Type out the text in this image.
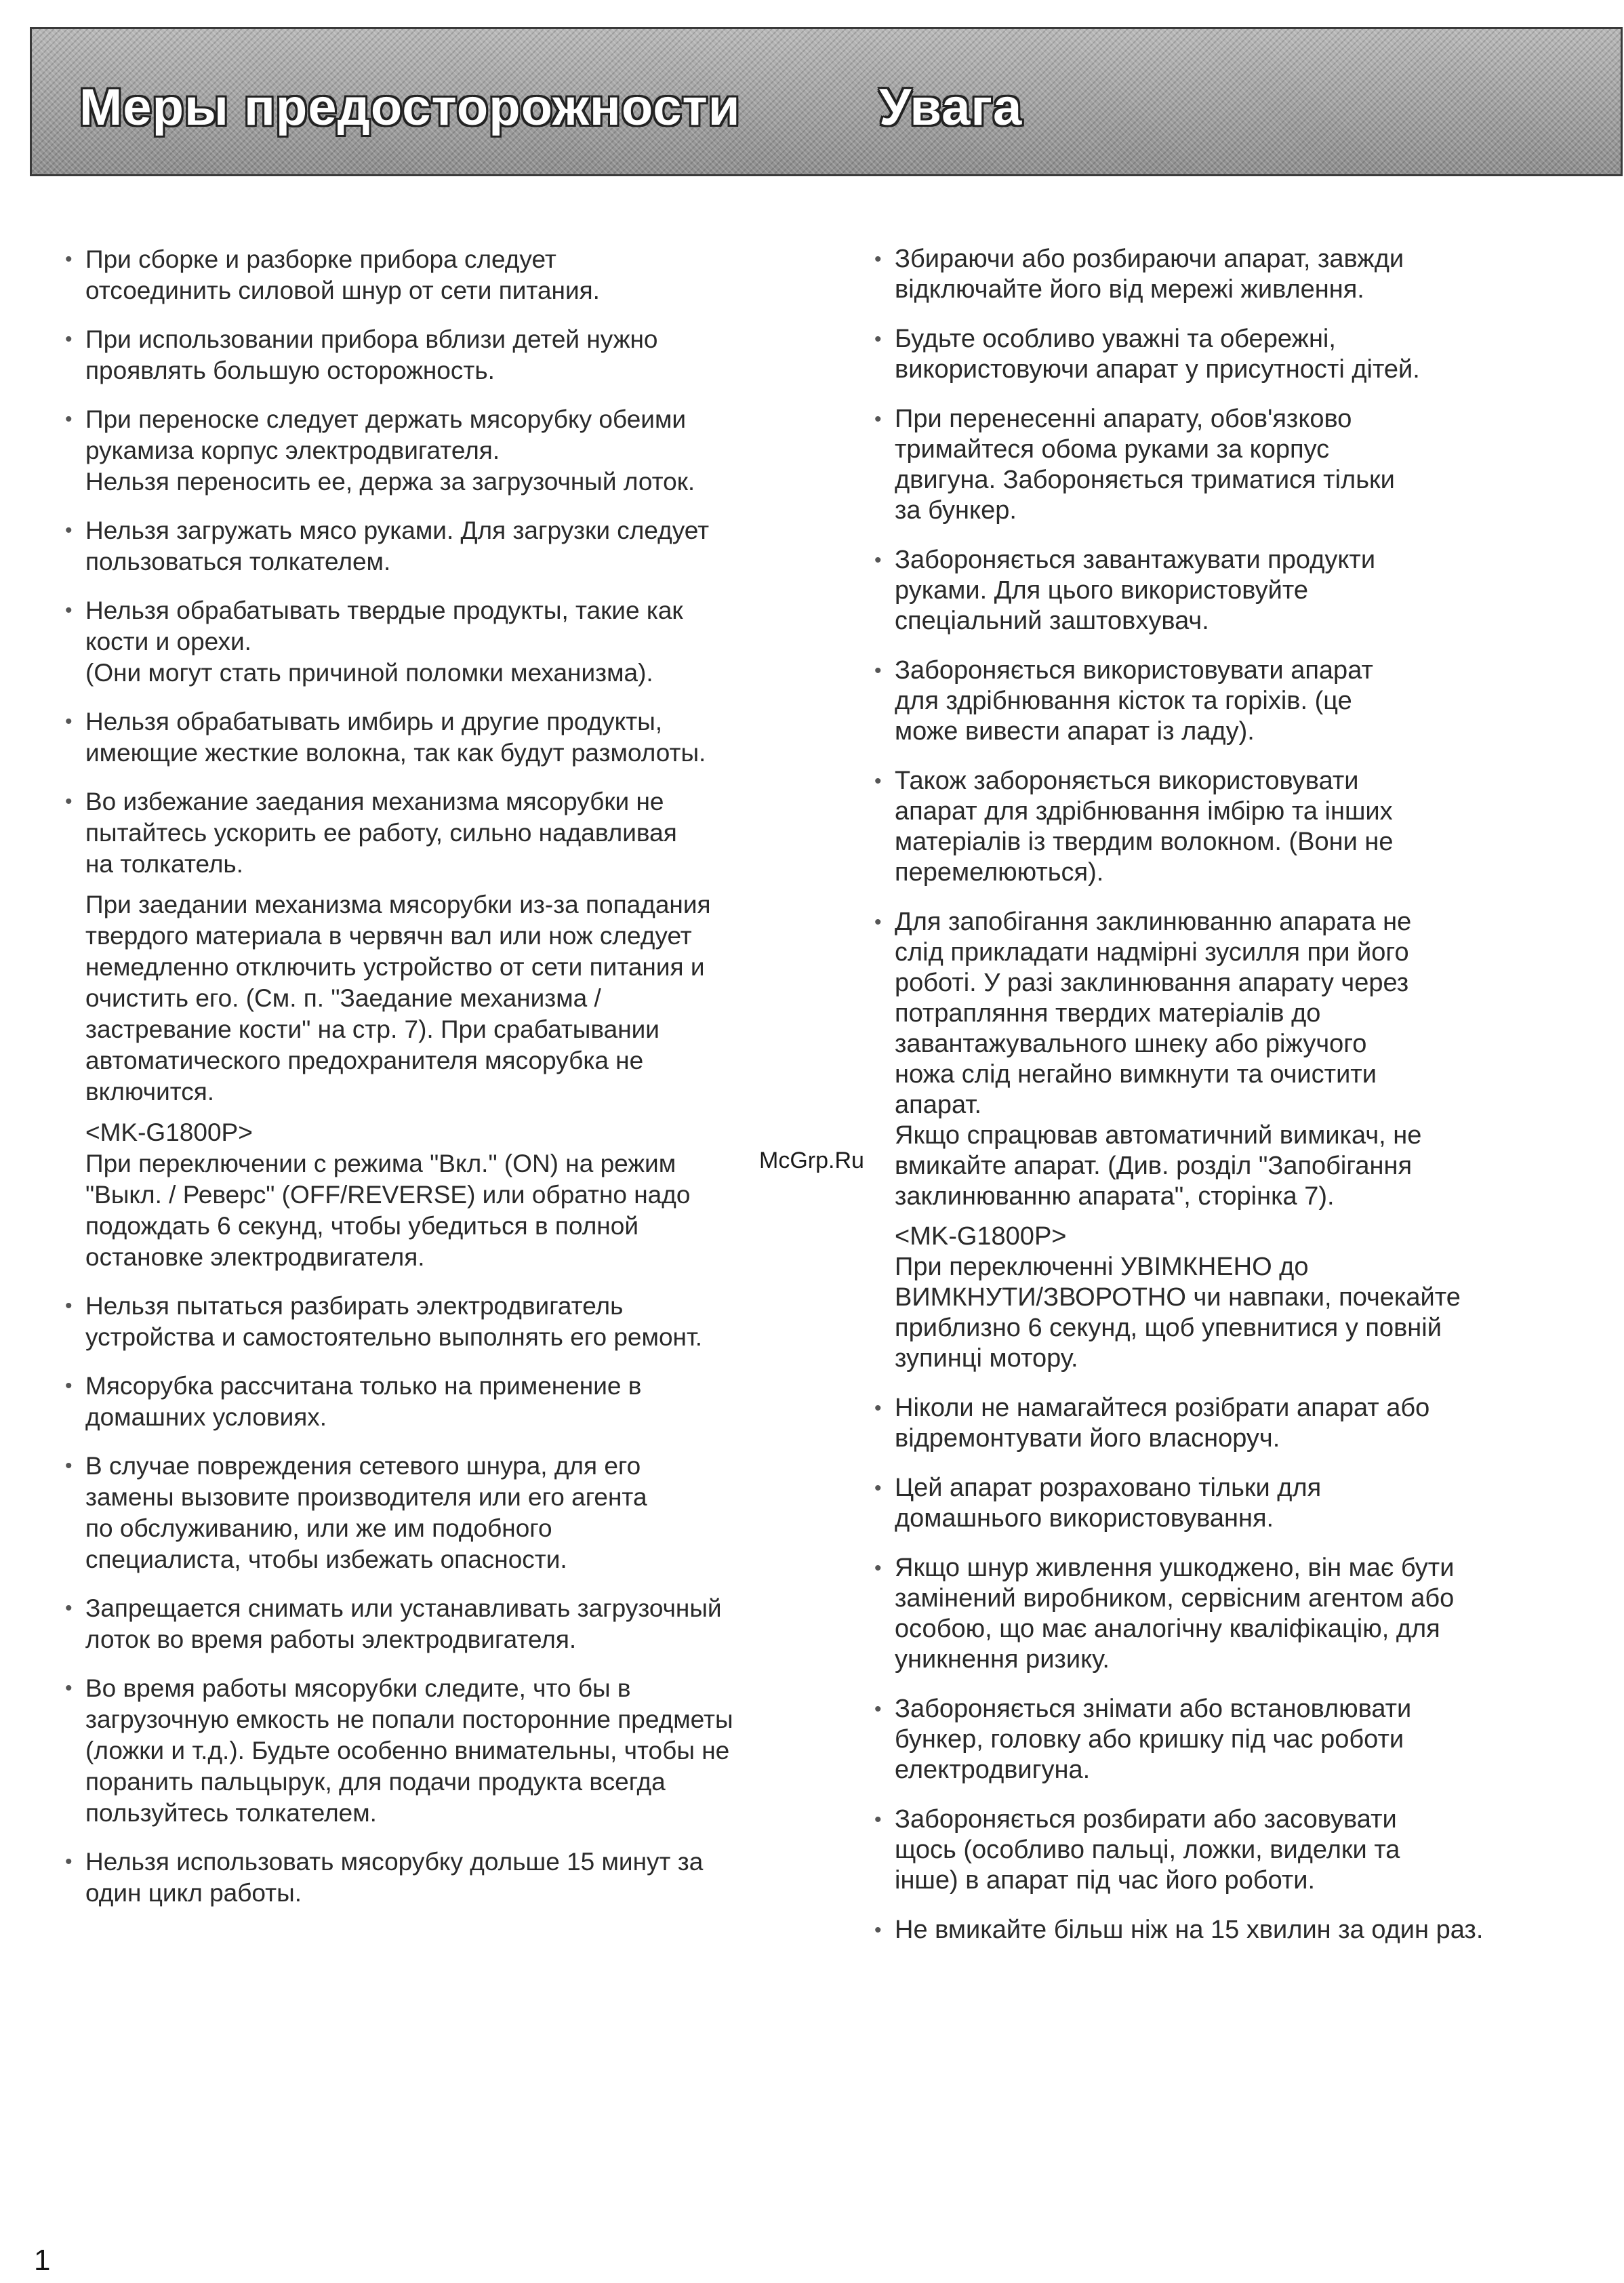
Меры предосторожности	Увага
• При сборке и разборке прибора следует
отсоединить силовой шнур от сети питания.

• При использовании прибора вблизи детей нужно
проявлять большую осторожность.

• При переноске следует держать мясорубку обеими
рукамиза корпус электродвигателя.
Нельзя переносить ее, держа за загрузочный лоток.

• Нельзя загружать мясо руками. Для загрузки следует
пользоваться толкателем.

• Нельзя обрабатывать твердые продукты, такие как
кости и орехи.
(Они могут стать причиной поломки механизма).

• Нельзя обрабатывать имбирь и другие продукты,
имеющие жесткие волокна, так как будут размолоты.

• Во избежание заедания механизма мясорубки не
пытайтесь ускорить ее работу, сильно надавливая
на толкатель.

При заедании механизма мясорубки из-за попадания
твердого материала в червячн вал или нож следует
немедленно отключить устройство от сети питания и
очистить его. (См. п. "Заедание механизма /
застревание кости" на стр. 7). При срабатывании
автоматического предохранителя мясорубка не
включится.

<MK-G1800P>
При переключении с режима "Вкл." (ON) на режим
"Выкл. / Реверс" (OFF/REVERSE) или обратно надо
подождать 6 секунд, чтобы убедиться в полной
остановке электродвигателя.

• Нельзя пытаться разбирать электродвигатель
устройства и самостоятельно выполнять его ремонт.

• Мясорубка рассчитана только на применение в
домашних условиях.

• В случае повреждения сетевого шнура, для его
замены вызовите производителя или его агента
по обслуживанию, или же им подобного
специалиста, чтобы избежать опасности.

• Запрещается снимать или устанавливать загрузочный
лоток во время работы электродвигателя.

• Во время работы мясорубки следите, что бы в
загрузочную емкость не попали посторонние предметы
(ложки и т.д.). Будьте особенно внимательны, чтобы не
поранить пальцырук, для подачи продукта всегда
пользуйтесь толкателем.

• Нельзя использовать мясорубку дольше 15 минут за
один цикл работы.

• Збираючи або розбираючи апарат, завжди
відключайте його від мережі живлення.

• Будьте особливо уважні та обережні,
використовуючи апарат у присутності дітей.

• При перенесенні апарату, обов'язково
тримайтеся обома руками за корпус
двигуна. Забороняється триматися тільки
за бункер.

• Забороняється завантажувати продукти
руками. Для цього використовуйте
спеціальний заштовхувач.

• Забороняється використовувати апарат
для здрібнювання кісток та горіхів. (це
може вивести апарат із ладу).

• Також забороняється використовувати
апарат для здрібнювання імбірю та інших
матеріалів із твердим волокном. (Вони не
перемелюються).

• Для запобігання заклинюванню апарата не
слід прикладати надмірні зусилля при його
роботі. У разі заклинювання апарату через
потрапляння твердих матеріалів до
завантажувального шнеку або ріжучого
ножа слід негайно вимкнути та очистити
апарат.
Якщо спрацював автоматичний вимикач, не
вмикайте апарат. (Див. розділ "Запобігання
заклинюванню апарата", сторінка 7).

<MK-G1800P>
При переключенні УВІМКНЕНО до
ВИМКНУТИ/ЗВОРОТНО чи навпаки, почекайте
приблизно 6 секунд, щоб упевнитися у повній
зупинці мотору.

• Ніколи не намагайтеся розібрати апарат або
відремонтувати його власноруч.

• Цей апарат розраховано тільки для
домашнього використовування.

• Якщо шнур живлення ушкоджено, він має бути
замінений виробником, сервісним агентом або
особою, що має аналогічну кваліфікацію, для
уникнення ризику.

• Забороняється знімати або встановлювати
бункер, головку або кришку під час роботи
електродвигуна.

• Забороняється розбирати або засовувати
щось (особливо пальці, ложки, виделки та
інше) в апарат під час його роботи.

• Не вмикайте більш ніж на 15 хвилин за один раз.

McGrp.Ru
1
